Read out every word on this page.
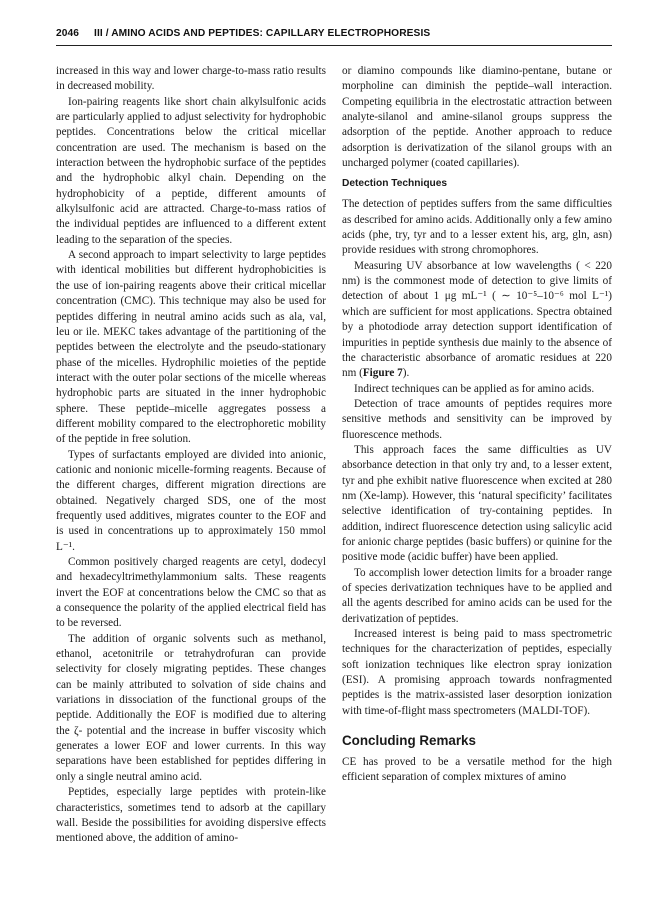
2046 III / AMINO ACIDS AND PEPTIDES: CAPILLARY ELECTROPHORESIS

increased in this way and lower charge-to-mass ratio results in decreased mobility.

Ion-pairing reagents like short chain alkylsulfonic acids are particularly applied to adjust selectivity for hydrophobic peptides. Concentrations below the critical micellar concentration are used. The mechanism is based on the interaction between the hydrophobic surface of the peptides and the hydrophobic alkyl chain. Depending on the hydrophobicity of a peptide, different amounts of alkylsulfonic acid are attracted. Charge-to-mass ratios of the individual peptides are influenced to a different extent leading to the separation of the species.

A second approach to impart selectivity to large peptides with identical mobilities but different hydrophobicities is the use of ion-pairing reagents above their critical micellar concentration (CMC). This technique may also be used for peptides differing in neutral amino acids such as ala, val, leu or ile. MEKC takes advantage of the partitioning of the peptides between the electrolyte and the pseudo-stationary phase of the micelles. Hydrophilic moieties of the peptide interact with the outer polar sections of the micelle whereas hydrophobic parts are situated in the inner hydrophobic sphere. These peptide–micelle aggregates possess a different mobility compared to the electrophoretic mobility of the peptide in free solution.

Types of surfactants employed are divided into anionic, cationic and nonionic micelle-forming reagents. Because of the different charges, different migration directions are obtained. Negatively charged SDS, one of the most frequently used additives, migrates counter to the EOF and is used in concentrations up to approximately 150 mmol L⁻¹.

Common positively charged reagents are cetyl, dodecyl and hexadecyltrimethylammonium salts. These reagents invert the EOF at concentrations below the CMC so that as a consequence the polarity of the applied electrical field has to be reversed.

The addition of organic solvents such as methanol, ethanol, acetonitrile or tetrahydrofuran can provide selectivity for closely migrating peptides. These changes can be mainly attributed to solvation of side chains and variations in dissociation of the functional groups of the peptide. Additionally the EOF is modified due to altering the ζ- potential and the increase in buffer viscosity which generates a lower EOF and lower currents. In this way separations have been established for peptides differing in only a single neutral amino acid.

Peptides, especially large peptides with protein-like characteristics, sometimes tend to adsorb at the capillary wall. Beside the possibilities for avoiding dispersive effects mentioned above, the addition of amino-

or diamino compounds like diamino-pentane, butane or morpholine can diminish the peptide–wall interaction. Competing equilibria in the electrostatic attraction between analyte-silanol and amine-silanol groups suppress the adsorption of the peptide. Another approach to reduce adsorption is derivatization of the silanol groups with an uncharged polymer (coated capillaries).

Detection Techniques

The detection of peptides suffers from the same difficulties as described for amino acids. Additionally only a few amino acids (phe, try, tyr and to a lesser extent his, arg, gln, asn) provide residues with strong chromophores.

Measuring UV absorbance at low wavelengths ( < 220 nm) is the commonest mode of detection to give limits of detection of about 1 μg mL⁻¹ ( ∼ 10⁻⁵–10⁻⁶ mol L⁻¹) which are sufficient for most applications. Spectra obtained by a photodiode array detection support identification of impurities in peptide synthesis due mainly to the absence of the characteristic absorbance of aromatic residues at 220 nm (Figure 7).

Indirect techniques can be applied as for amino acids.

Detection of trace amounts of peptides requires more sensitive methods and sensitivity can be improved by fluorescence methods.

This approach faces the same difficulties as UV absorbance detection in that only try and, to a lesser extent, tyr and phe exhibit native fluorescence when excited at 280 nm (Xe-lamp). However, this ‘natural specificity’ facilitates selective identification of try-containing peptides. In addition, indirect fluorescence detection using salicylic acid for anionic charge peptides (basic buffers) or quinine for the positive mode (acidic buffer) have been applied.

To accomplish lower detection limits for a broader range of species derivatization techniques have to be applied and all the agents described for amino acids can be used for the derivatization of peptides.

Increased interest is being paid to mass spectrometric techniques for the characterization of peptides, especially soft ionization techniques like electron spray ionization (ESI). A promising approach towards nonfragmented peptides is the matrix-assisted laser desorption ionization with time-of-flight mass spectrometers (MALDI-TOF).

Concluding Remarks

CE has proved to be a versatile method for the high efficient separation of complex mixtures of amino
